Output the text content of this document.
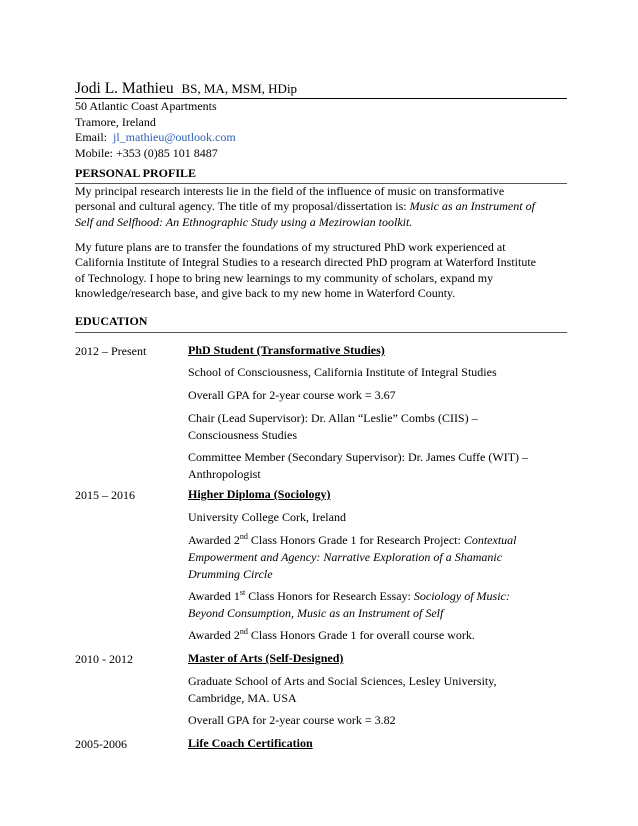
Jodi L. Mathieu BS, MA, MSM, HDip
50 Atlantic Coast Apartments
Tramore, Ireland
Email: jl_mathieu@outlook.com
Mobile: +353 (0)85 101 8487
PERSONAL PROFILE
My principal research interests lie in the field of the influence of music on transformative
personal and cultural agency. The title of my proposal/dissertation is: Music as an Instrument of
Self and Selfhood: An Ethnographic Study using a Mezirowian toolkit.
My future plans are to transfer the foundations of my structured PhD work experienced at
California Institute of Integral Studies to a research directed PhD program at Waterford Institute
of Technology. I hope to bring new learnings to my community of scholars, expand my
knowledge/research base, and give back to my new home in Waterford County.
EDUCATION
2012 – Present	PhD Student (Transformative Studies)
School of Consciousness, California Institute of Integral Studies
Overall GPA for 2-year course work = 3.67
Chair (Lead Supervisor): Dr. Allan “Leslie” Combs (CIIS) –
Consciousness Studies
Committee Member (Secondary Supervisor): Dr. James Cuffe (WIT) –
Anthropologist
2015 – 2016	Higher Diploma (Sociology)
University College Cork, Ireland
Awarded 2nd Class Honors Grade 1 for Research Project: Contextual
Empowerment and Agency: Narrative Exploration of a Shamanic
Drumming Circle
Awarded 1st Class Honors for Research Essay: Sociology of Music:
Beyond Consumption, Music as an Instrument of Self
Awarded 2nd Class Honors Grade 1 for overall course work.
2010 - 2012	Master of Arts (Self-Designed)
Graduate School of Arts and Social Sciences, Lesley University,
Cambridge, MA. USA
Overall GPA for 2-year course work = 3.82
2005-2006	Life Coach Certification
